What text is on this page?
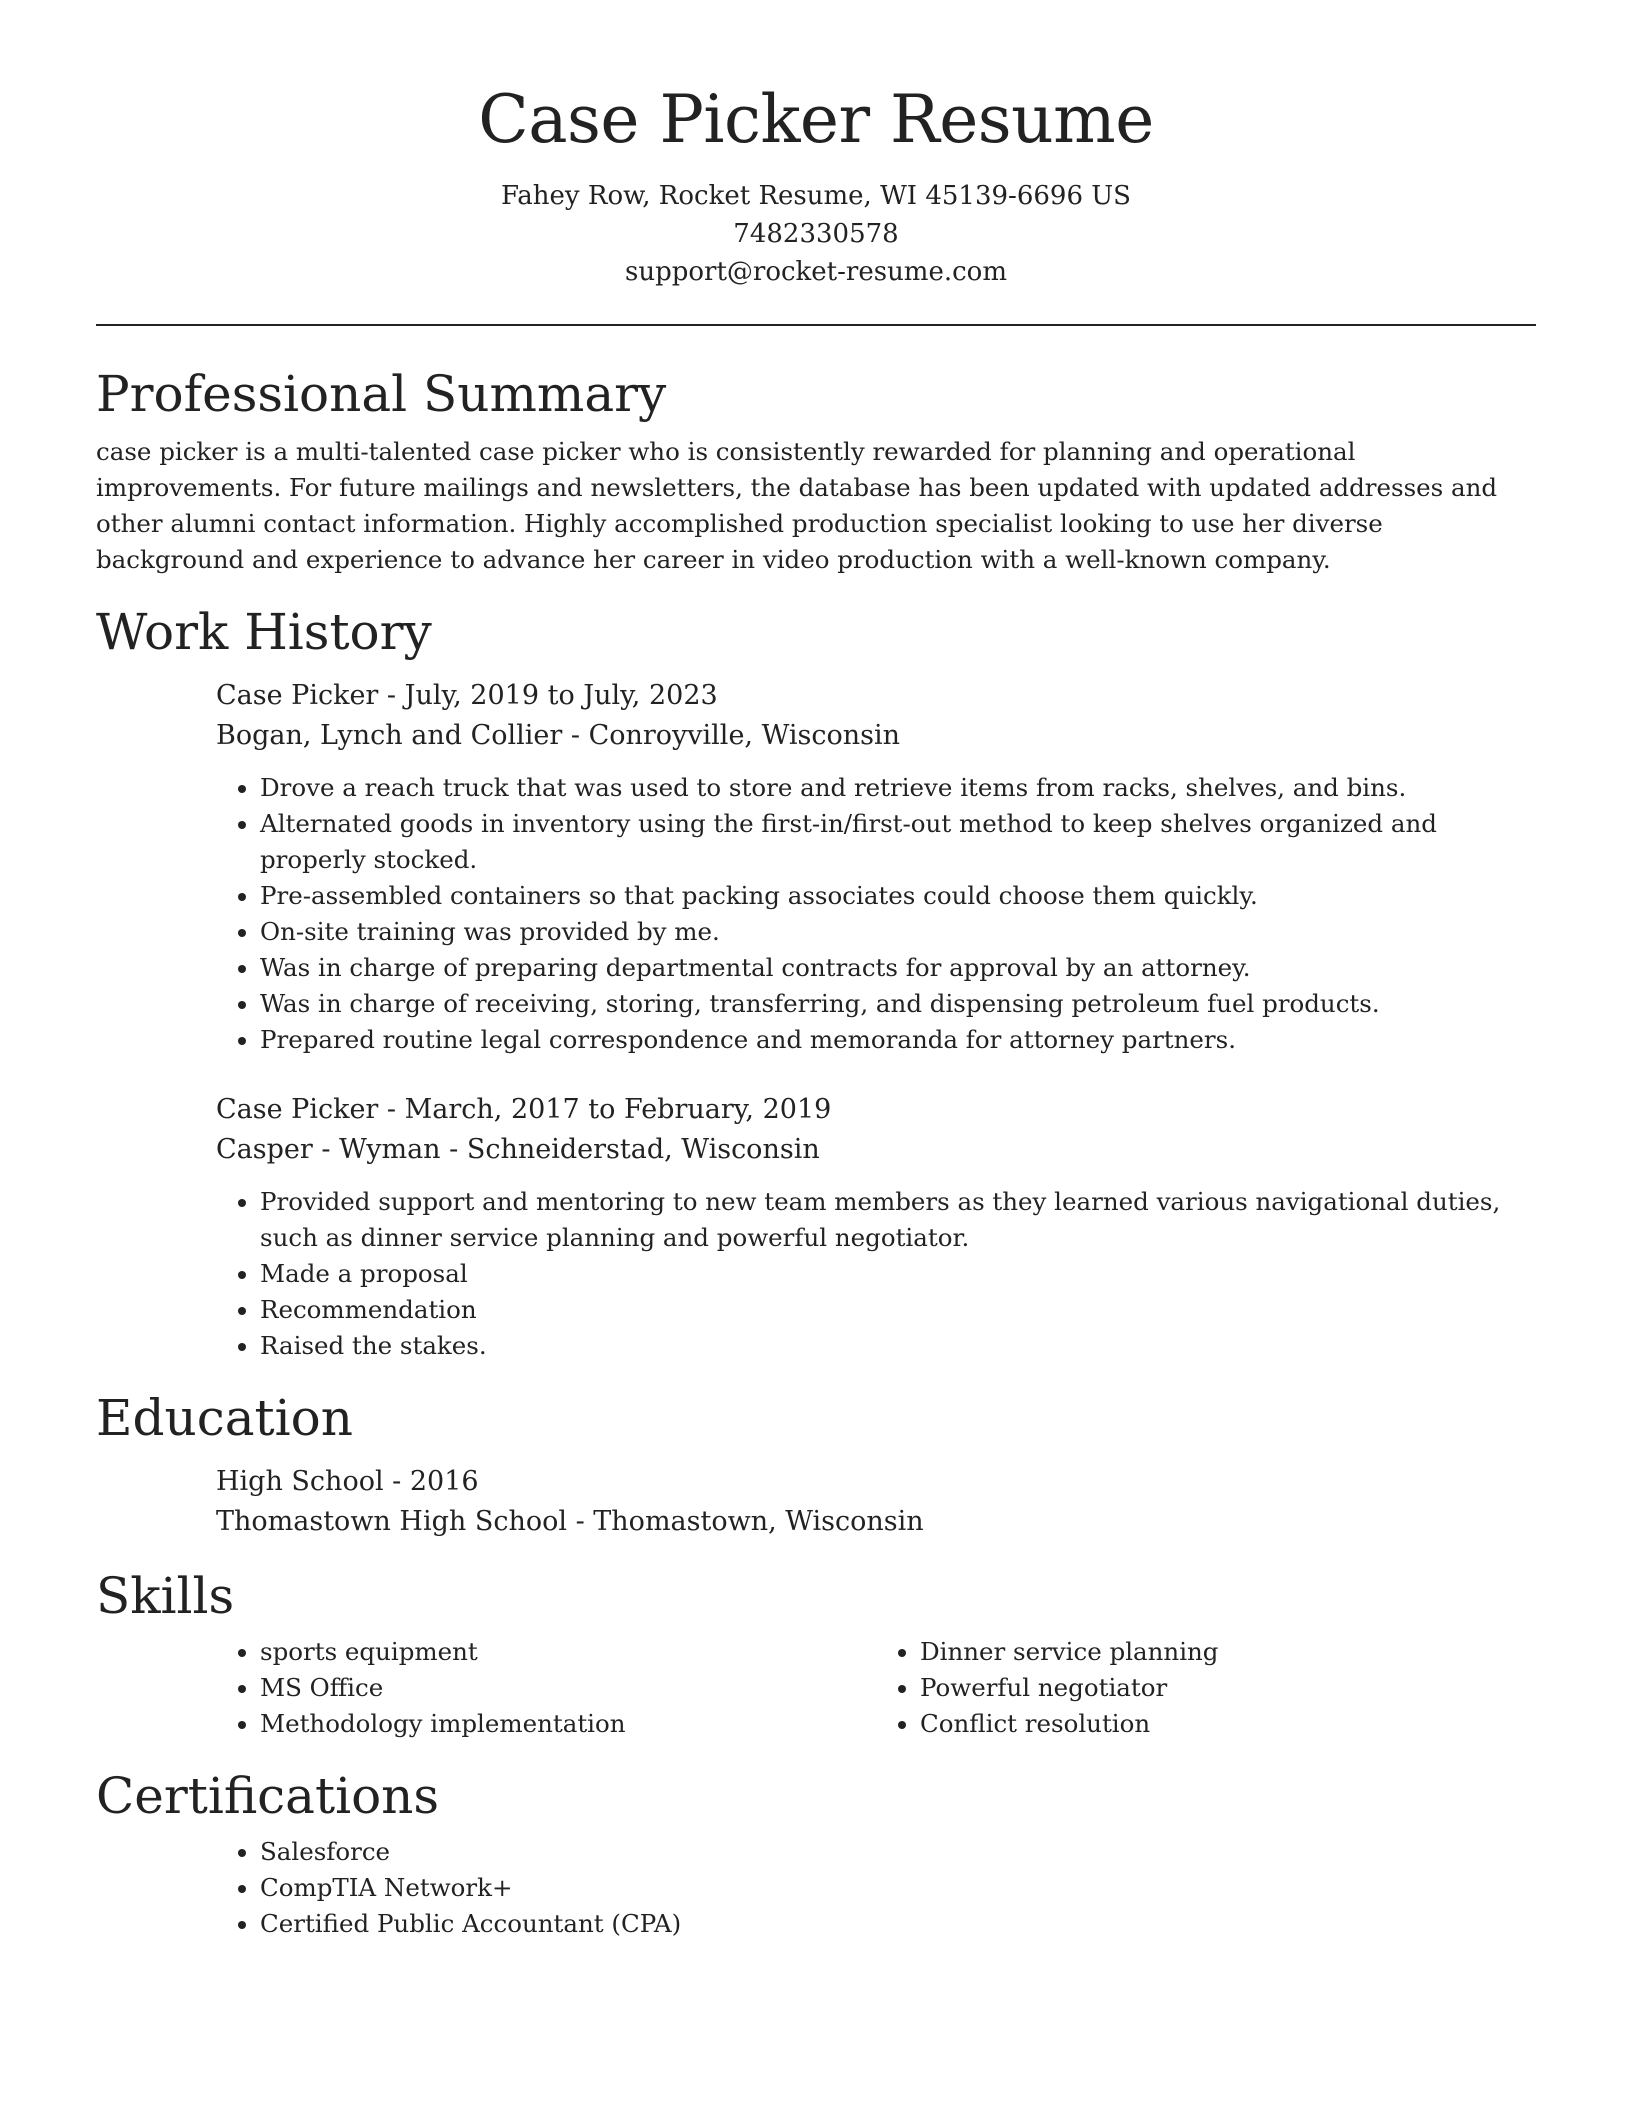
Case Picker Resume
Fahey Row, Rocket Resume, WI 45139-6696 US
7482330578
support@rocket-resume.com
Professional Summary

case picker is a multi-talented case picker who is consistently rewarded for planning and operational improvements. For future mailings and newsletters, the database has been updated with updated addresses and other alumni contact information. Highly accomplished production specialist looking to use her diverse background and experience to advance her career in video production with a well-known company.

Work History
Case Picker - July, 2019 to July, 2023
Bogan, Lynch and Collier - Conroyville, Wisconsin
• Drove a reach truck that was used to store and retrieve items from racks, shelves, and bins.
• Alternated goods in inventory using the first-in/first-out method to keep shelves organized and properly stocked.
• Pre-assembled containers so that packing associates could choose them quickly.
• On-site training was provided by me.
• Was in charge of preparing departmental contracts for approval by an attorney.
• Was in charge of receiving, storing, transferring, and dispensing petroleum fuel products.
• Prepared routine legal correspondence and memoranda for attorney partners.
Case Picker - March, 2017 to February, 2019
Casper - Wyman - Schneiderstad, Wisconsin
• Provided support and mentoring to new team members as they learned various navigational duties, such as dinner service planning and powerful negotiator.
• Made a proposal
• Recommendation
• Raised the stakes.
Education
High School - 2016
Thomastown High School - Thomastown, Wisconsin
Skills
• sports equipment
• MS Office
• Methodology implementation
• Dinner service planning
• Powerful negotiator
• Conflict resolution
Certifications
• Salesforce
• CompTIA Network+
• Certified Public Accountant (CPA)
